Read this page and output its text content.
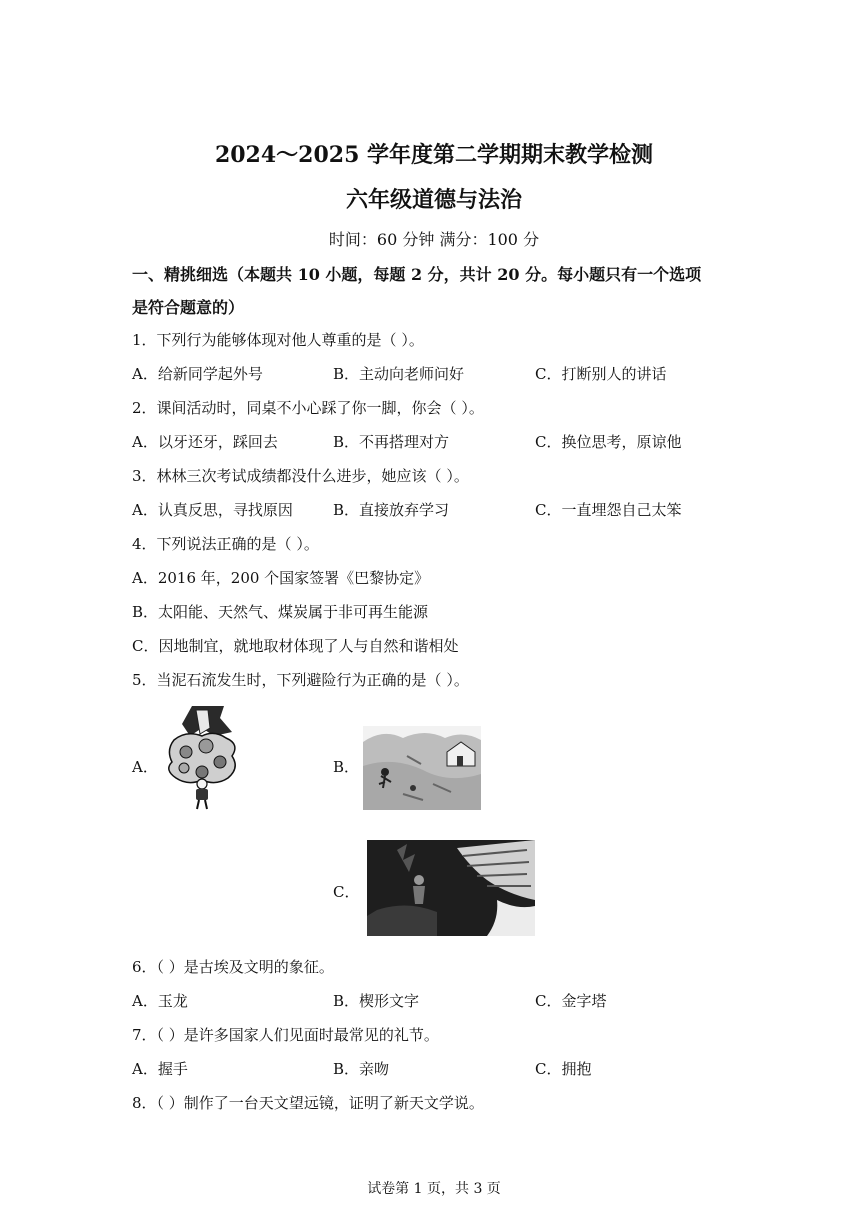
2024～2025 学年度第二学期期末教学检测
六年级道德与法治
时间：60 分钟 满分：100 分
一、精挑细选（本题共 10 小题，每题 2 分，共计 20 分。每小题只有一个选项
是符合题意的）
1．下列行为能够体现对他人尊重的是（ ）。
A．给新同学起外号	B．主动向老师问好	C．打断别人的讲话
2．课间活动时，同桌不小心踩了你一脚，你会（ ）。
A．以牙还牙，踩回去	B．不再搭理对方	C．换位思考，原谅他
3．林林三次考试成绩都没什么进步，她应该（ ）。
A．认真反思，寻找原因	B．直接放弃学习	C．一直埋怨自己太笨
4．下列说法正确的是（ ）。
A．2016 年，200 个国家签署《巴黎协定》
B．太阳能、天然气、煤炭属于非可再生能源
C．因地制宜，就地取材体现了人与自然和谐相处
5．当泥石流发生时，下列避险行为正确的是（ ）。
A．	B．
C．
6．（ ）是古埃及文明的象征。
A．玉龙	B．楔形文字	C．金字塔
7．（ ）是许多国家人们见面时最常见的礼节。
A．握手	B．亲吻	C．拥抱
8．（ ）制作了一台天文望远镜，证明了新天文学说。
试卷第 1 页，共 3 页
